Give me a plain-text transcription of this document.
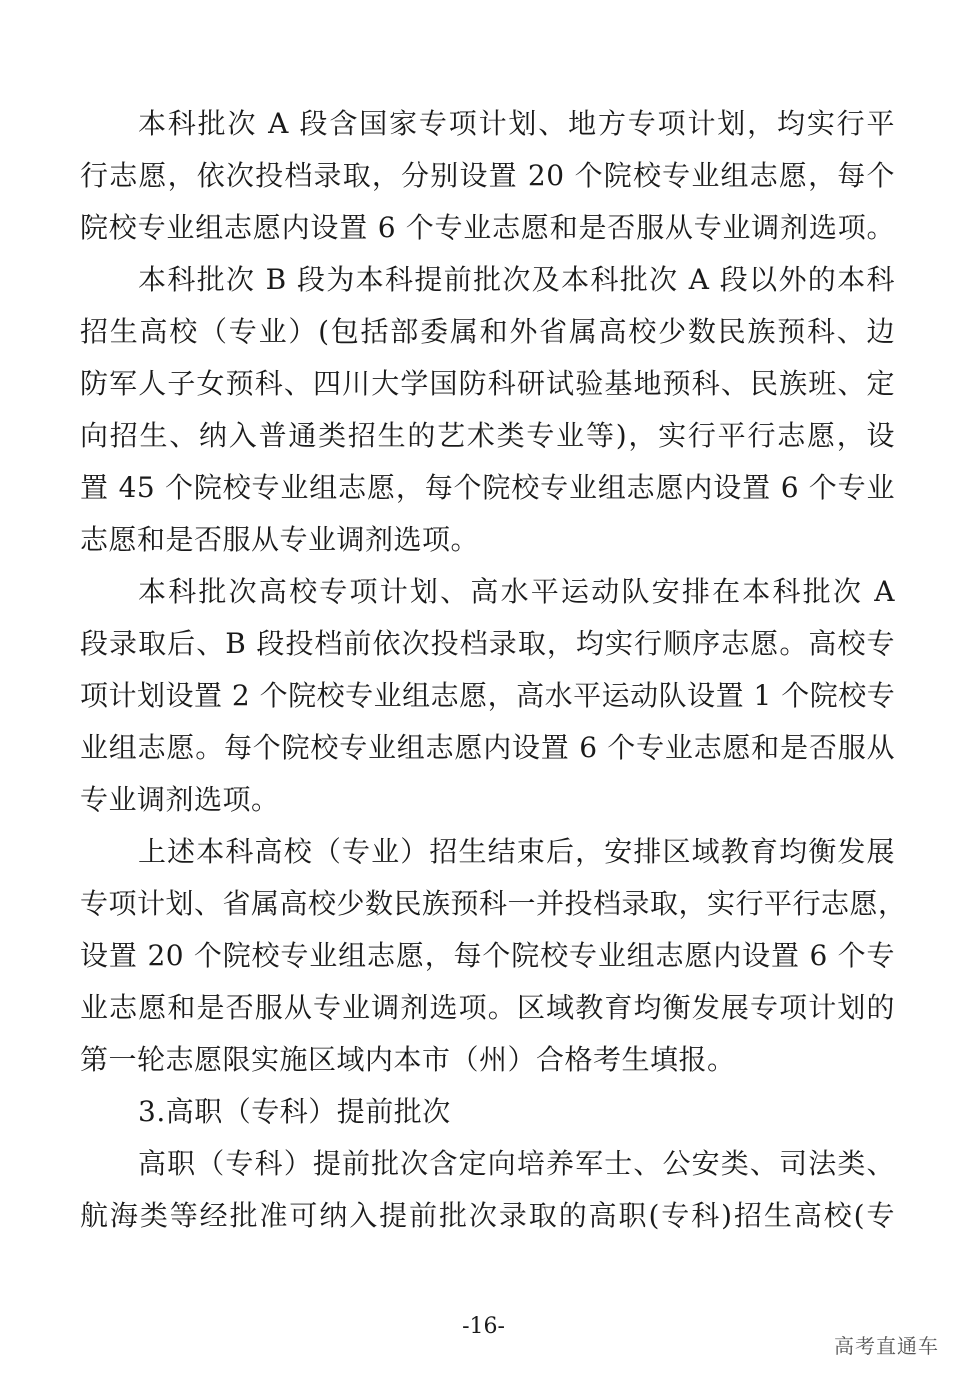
本科批次 A 段含国家专项计划、地方专项计划，均实行平
行志愿，依次投档录取，分别设置 20 个院校专业组志愿，每个
院校专业组志愿内设置 6 个专业志愿和是否服从专业调剂选项。
本科批次 B 段为本科提前批次及本科批次 A 段以外的本科
招生高校（专业）(包括部委属和外省属高校少数民族预科、边
防军人子女预科、四川大学国防科研试验基地预科、民族班、定
向招生、纳入普通类招生的艺术类专业等)，实行平行志愿，设
置 45 个院校专业组志愿，每个院校专业组志愿内设置 6 个专业
志愿和是否服从专业调剂选项。
本科批次高校专项计划、高水平运动队安排在本科批次 A
段录取后、B 段投档前依次投档录取，均实行顺序志愿。高校专
项计划设置 2 个院校专业组志愿，高水平运动队设置 1 个院校专
业组志愿。每个院校专业组志愿内设置 6 个专业志愿和是否服从
专业调剂选项。
上述本科高校（专业）招生结束后，安排区域教育均衡发展
专项计划、省属高校少数民族预科一并投档录取，实行平行志愿，
设置 20 个院校专业组志愿，每个院校专业组志愿内设置 6 个专
业志愿和是否服从专业调剂选项。区域教育均衡发展专项计划的
第一轮志愿限实施区域内本市（州）合格考生填报。
3.高职（专科）提前批次
高职（专科）提前批次含定向培养军士、公安类、司法类、
航海类等经批准可纳入提前批次录取的高职(专科)招生高校(专
-16-
高考直通车
